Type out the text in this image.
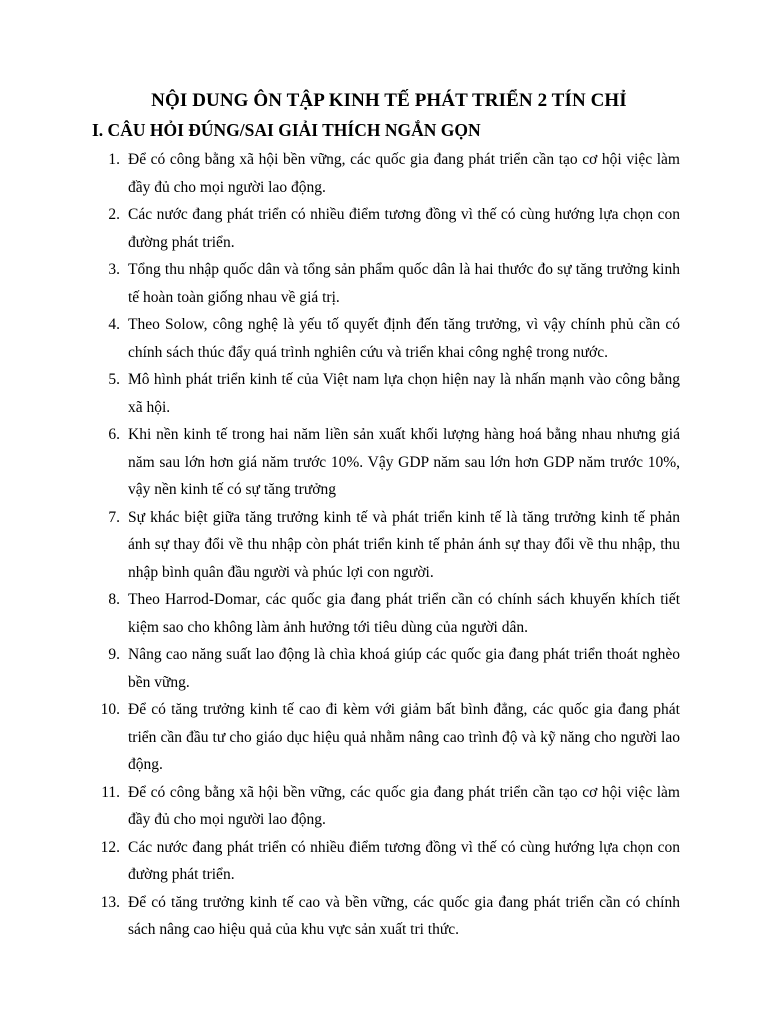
NỘI DUNG ÔN TẬP KINH TẾ PHÁT TRIỂN 2 TÍN CHỈ
I. CÂU HỎI ĐÚNG/SAI GIẢI THÍCH NGẮN GỌN
1. Để có công bằng xã hội bền vững, các quốc gia đang phát triển cần tạo cơ hội việc làm đầy đủ cho mọi người lao động.
2. Các nước đang phát triển có nhiều điểm tương đồng vì thế có cùng hướng lựa chọn con đường phát triển.
3. Tổng thu nhập quốc dân và tổng sản phẩm quốc dân là hai thước đo sự tăng trưởng kinh tế hoàn toàn giống nhau về giá trị.
4. Theo Solow, công nghệ là yếu tố quyết định đến tăng trưởng, vì vậy chính phủ cần có chính sách thúc đẩy quá trình nghiên cứu và triển khai công nghệ trong nước.
5. Mô hình phát triển kinh tế của Việt nam lựa chọn hiện nay là nhấn mạnh vào công bằng xã hội.
6. Khi nền kinh tế trong hai năm liền sản xuất khối lượng hàng hoá bằng nhau nhưng giá năm sau lớn hơn giá năm trước 10%. Vậy GDP năm sau lớn hơn GDP năm trước 10%, vậy nền kinh tế có sự tăng trưởng
7. Sự khác biệt giữa tăng trưởng kinh tế và phát triển kinh tế là tăng trưởng kinh tế phản ánh sự thay đổi về thu nhập còn phát triển kinh tế phản ánh sự thay đổi về thu nhập, thu nhập bình quân đầu người và phúc lợi con người.
8. Theo Harrod-Domar, các quốc gia đang phát triển cần có chính sách khuyến khích tiết kiệm sao cho không làm ảnh hưởng tới tiêu dùng của người dân.
9. Nâng cao năng suất lao động là chìa khoá giúp các quốc gia đang phát triển thoát nghèo bền vững.
10. Để có tăng trưởng kinh tế cao đi kèm với giảm bất bình đẳng, các quốc gia đang phát triển cần đầu tư cho giáo dục hiệu quả nhằm nâng cao trình độ và kỹ năng cho người lao động.
11. Để có công bằng xã hội bền vững, các quốc gia đang phát triển cần tạo cơ hội việc làm đầy đủ cho mọi người lao động.
12. Các nước đang phát triển có nhiều điểm tương đồng vì thế có cùng hướng lựa chọn con đường phát triển.
13. Để có tăng trưởng kinh tế cao và bền vững, các quốc gia đang phát triển cần có chính sách nâng cao hiệu quả của khu vực sản xuất tri thức.
